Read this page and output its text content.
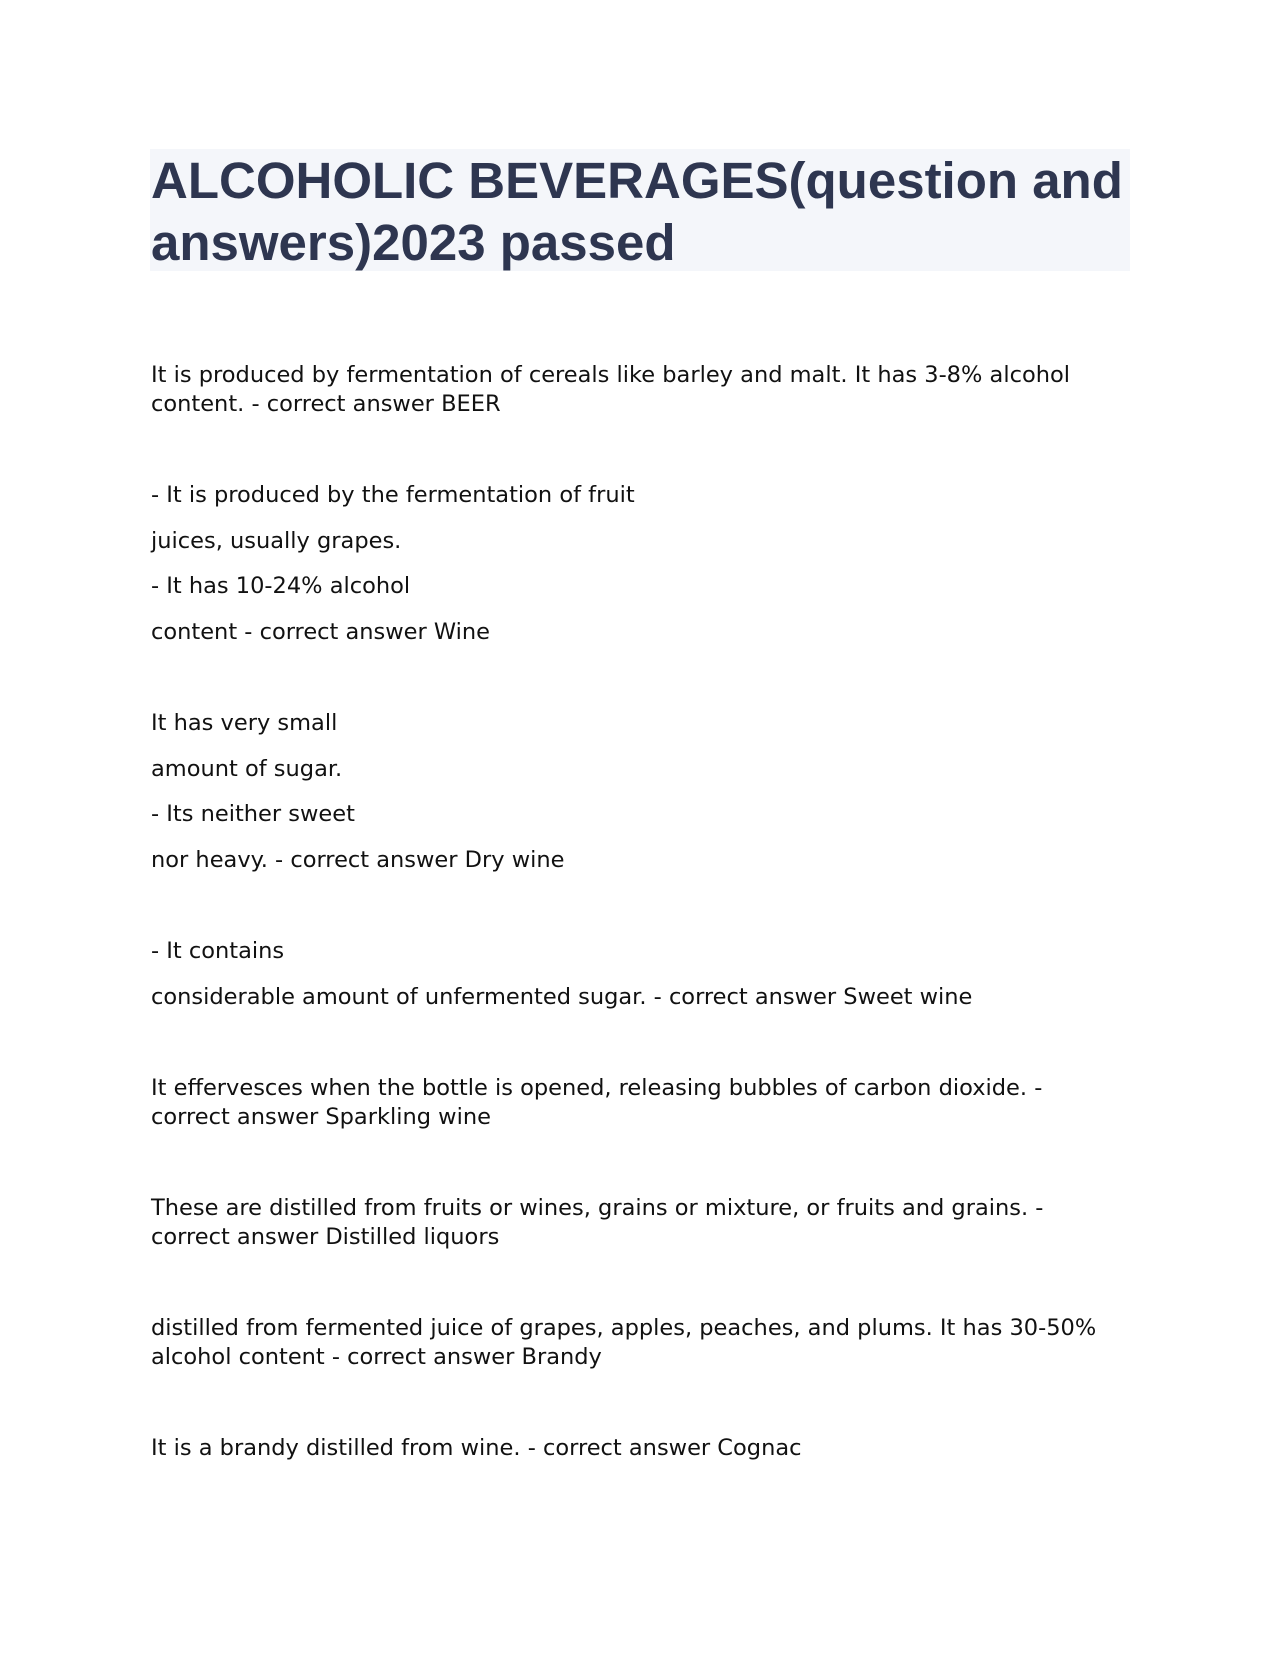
ALCOHOLIC BEVERAGES(question and answers)2023 passed

It is produced by fermentation of cereals like barley and malt. It has 3-8% alcohol

content. - correct answer BEER

- It is produced by the fermentation of fruit

juices, usually grapes.

- It has 10-24% alcohol

content - correct answer Wine

It has very small

amount of sugar.

- Its neither sweet

nor heavy. - correct answer Dry wine

- It contains

considerable amount of unfermented sugar. - correct answer Sweet wine

It effervesces when the bottle is opened, releasing bubbles of carbon dioxide. -

correct answer Sparkling wine

These are distilled from fruits or wines, grains or mixture, or fruits and grains. -

correct answer Distilled liquors

distilled from fermented juice of grapes, apples, peaches, and plums. It has 30-50%

alcohol content - correct answer Brandy

It is a brandy distilled from wine. - correct answer Cognac
